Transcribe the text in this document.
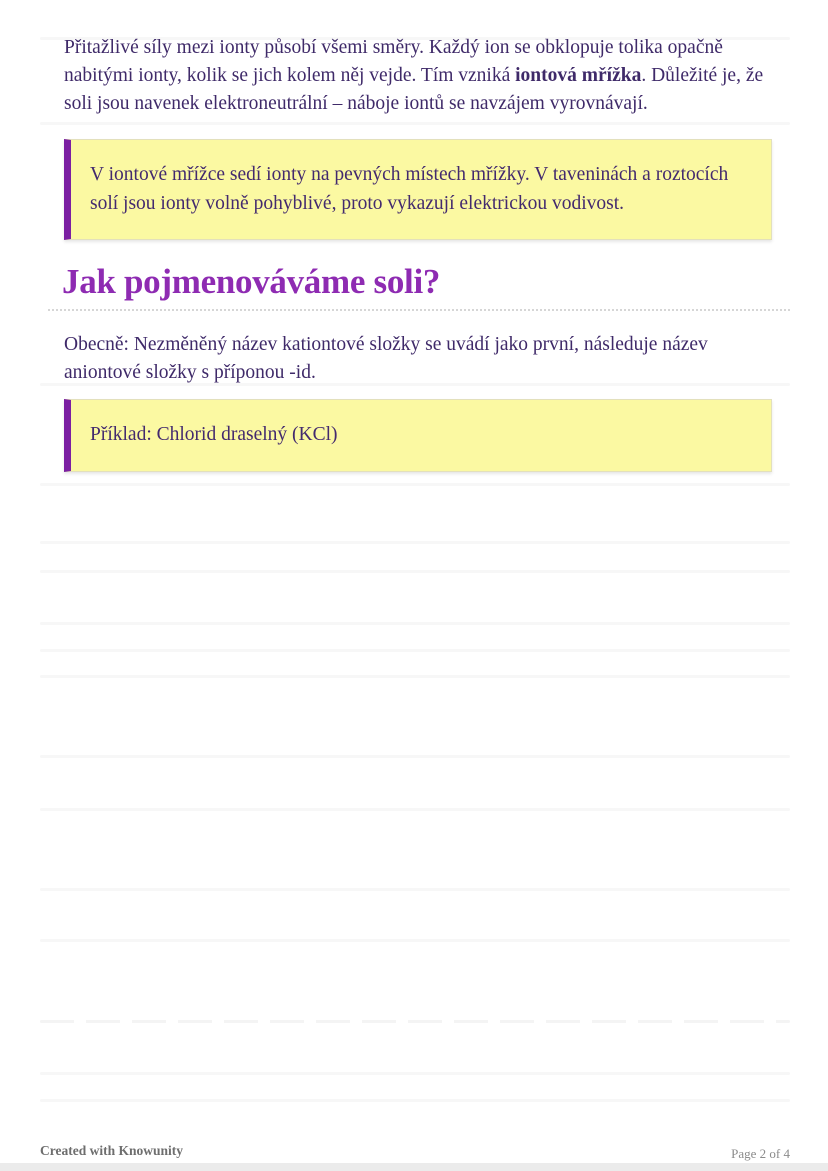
Přitažlivé síly mezi ionty působí všemi směry. Každý ion se obklopuje tolika opačně nabitými ionty, kolik se jich kolem něj vejde. Tím vzniká iontová mřížka. Důležité je, že soli jsou navenek elektroneutrální – náboje iontů se navzájem vyrovnávají.

V iontové mřížce sedí ionty na pevných místech mřížky. V taveninách a roztocích solí jsou ionty volně pohyblivé, proto vykazují elektrickou vodivost.
Jak pojmenováváme soli?

Obecně: Nezměněný název kationtové složky se uvádí jako první, následuje název aniontové složky s příponou -id.

Příklad: Chlorid draselný (KCl)
Created with Knowunity	Page 2 of 4
